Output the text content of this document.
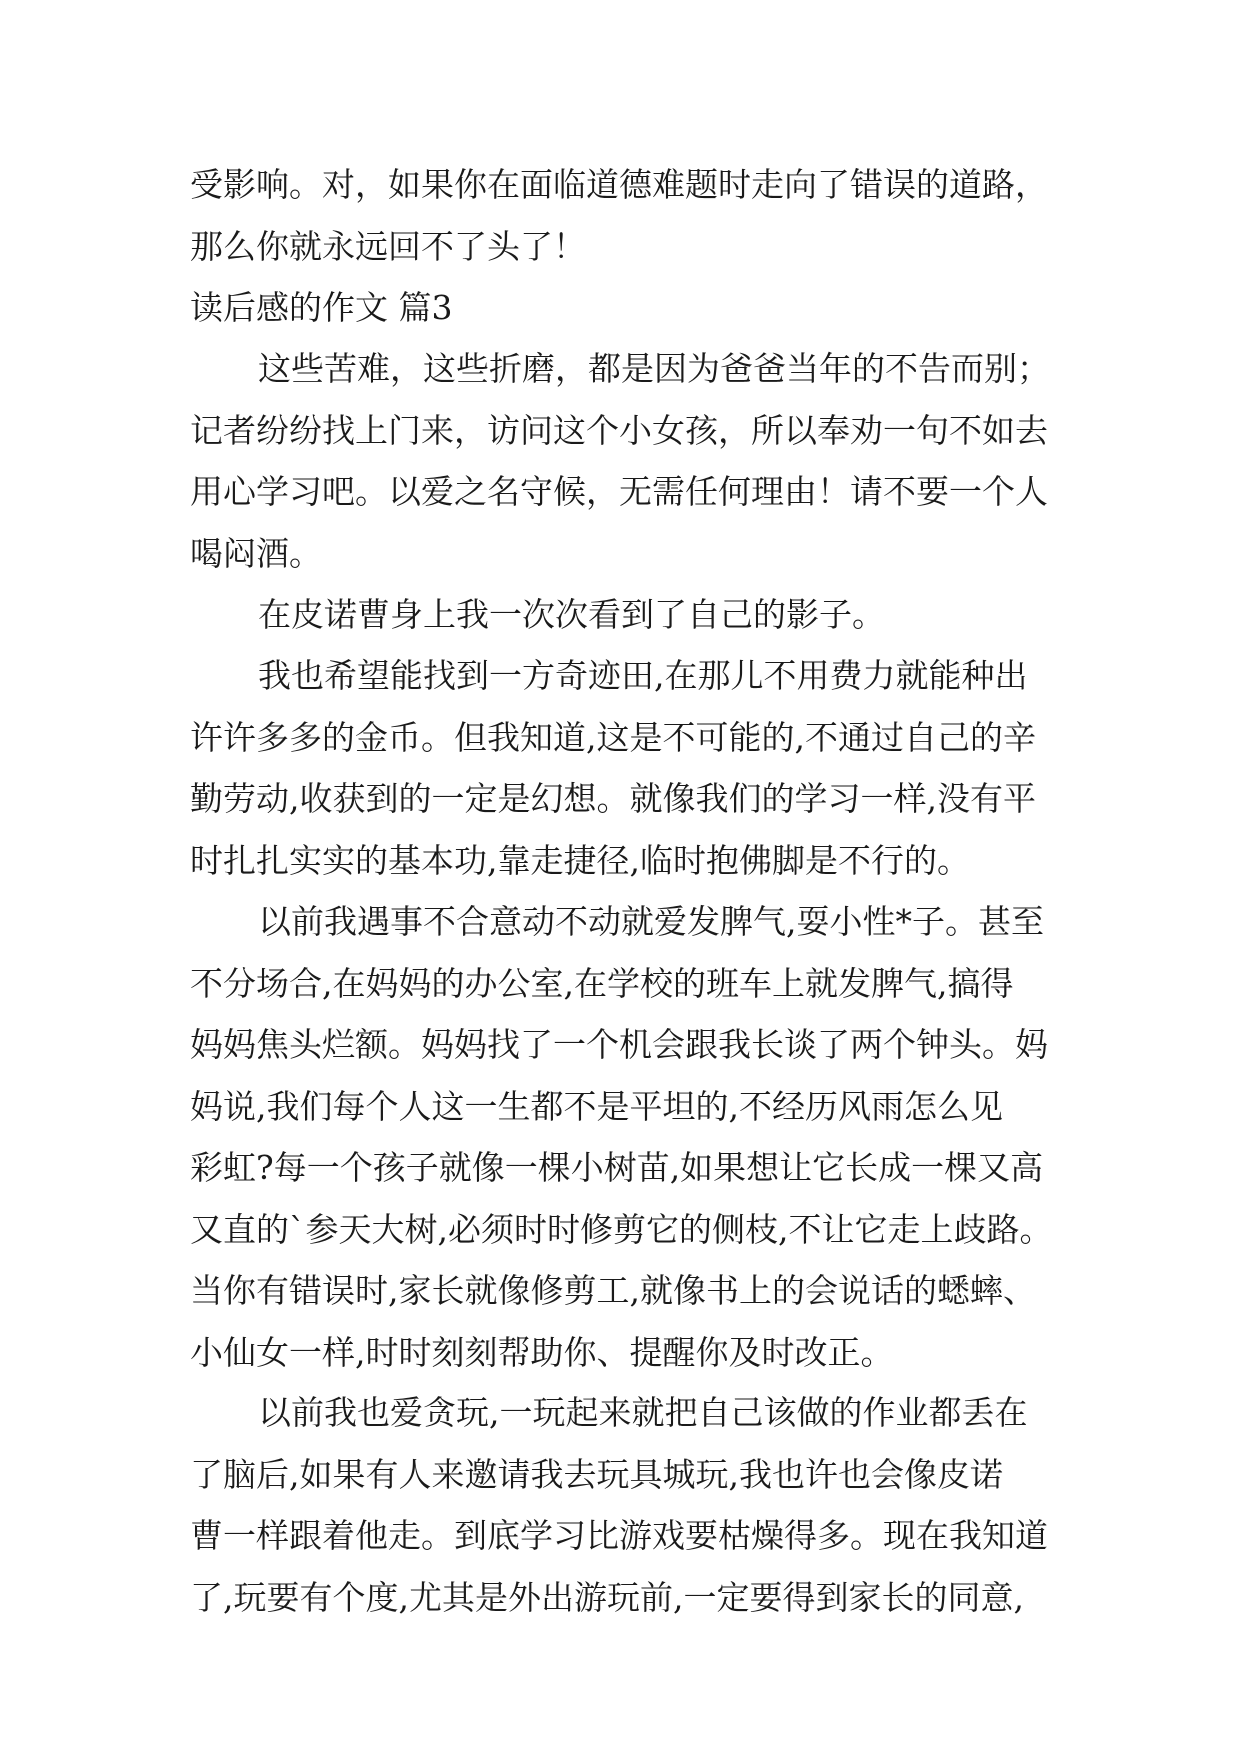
受影响。对，如果你在面临道德难题时走向了错误的道路，
那么你就永远回不了头了！
读后感的作文 篇3
这些苦难，这些折磨，都是因为爸爸当年的不告而别；
记者纷纷找上门来，访问这个小女孩，所以奉劝一句不如去
用心学习吧。以爱之名守候，无需任何理由！请不要一个人
喝闷酒。
在皮诺曹身上我一次次看到了自己的影子。
我也希望能找到一方奇迹田,在那儿不用费力就能种出
许许多多的金币。但我知道,这是不可能的,不通过自己的辛
勤劳动,收获到的一定是幻想。就像我们的学习一样,没有平
时扎扎实实的基本功,靠走捷径,临时抱佛脚是不行的。
以前我遇事不合意动不动就爱发脾气,耍小性*子。甚至
不分场合,在妈妈的办公室,在学校的班车上就发脾气,搞得
妈妈焦头烂额。妈妈找了一个机会跟我长谈了两个钟头。妈
妈说,我们每个人这一生都不是平坦的,不经历风雨怎么见
彩虹?每一个孩子就像一棵小树苗,如果想让它长成一棵又高
又直的`参天大树,必须时时修剪它的侧枝,不让它走上歧路。
当你有错误时,家长就像修剪工,就像书上的会说话的蟋蟀、
小仙女一样,时时刻刻帮助你、提醒你及时改正。
以前我也爱贪玩,一玩起来就把自己该做的作业都丢在
了脑后,如果有人来邀请我去玩具城玩,我也许也会像皮诺
曹一样跟着他走。到底学习比游戏要枯燥得多。现在我知道
了,玩要有个度,尤其是外出游玩前,一定要得到家长的同意,
